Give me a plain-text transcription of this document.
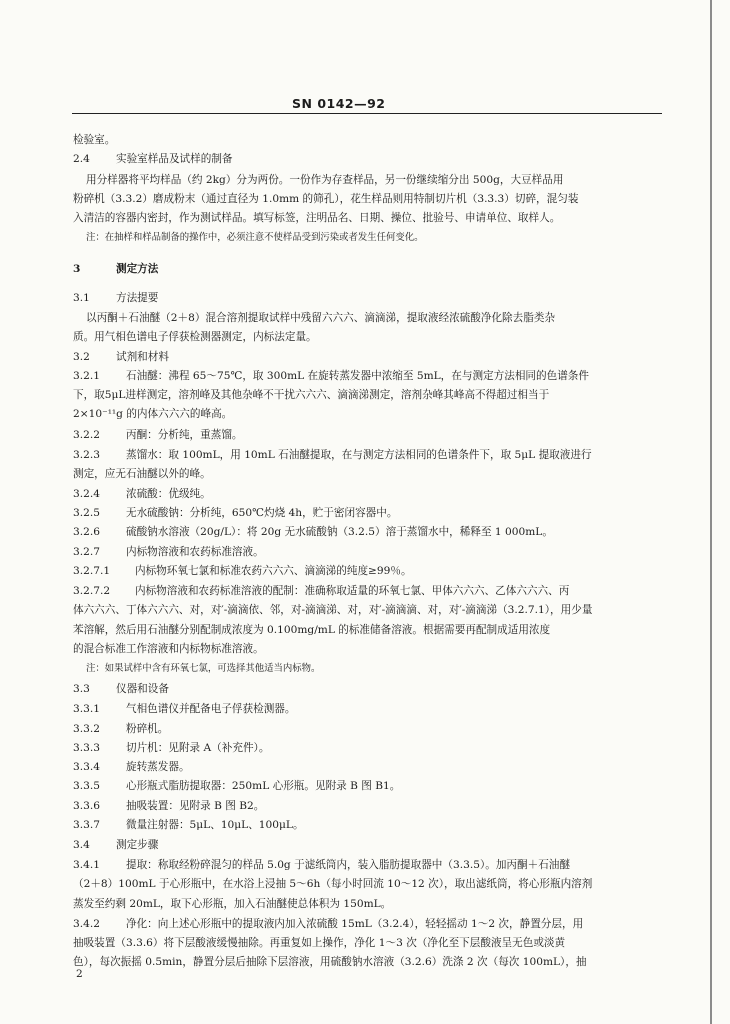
SN 0142—92
检验室。
2.4 实验室样品及试样的制备
用分样器将平均样品（约 2kg）分为两份。一份作为存查样品，另一份继续缩分出 500g，大豆样品用
粉碎机（3.3.2）磨成粉末（通过直径为 1.0mm 的筛孔），花生样品则用特制切片机（3.3.3）切碎，混匀装
入清洁的容器内密封，作为测试样品。填写标签，注明品名、日期、操位、批验号、申请单位、取样人。
注：在抽样和样品制备的操作中，必须注意不使样品受到污染或者发生任何变化。
3	测定方法
3.1 方法提要
以丙酮＋石油醚（2＋8）混合溶剂提取试样中残留六六六、滴滴涕，提取液经浓硫酸净化除去脂类杂
质。用气相色谱电子俘获检测器测定，内标法定量。
3.2 试剂和材料
3.2.1 石油醚：沸程 65～75℃，取 300mL 在旋转蒸发器中浓缩至 5mL，在与测定方法相同的色谱条件
下，取5μL进样测定，溶剂峰及其他杂峰不干扰六六六、滴滴涕测定，溶剂杂峰其峰高不得超过相当于
2×10⁻¹¹g 的内体六六六的峰高。
3.2.2 丙酮：分析纯，重蒸馏。
3.2.3 蒸馏水：取 100mL，用 10mL 石油醚提取，在与测定方法相同的色谱条件下，取 5μL 提取液进行
测定，应无石油醚以外的峰。
3.2.4 浓硫酸：优级纯。
3.2.5 无水硫酸钠：分析纯，650℃灼烧 4h，贮于密闭容器中。
3.2.6 硫酸钠水溶液（20g/L）：将 20g 无水硫酸钠（3.2.5）溶于蒸馏水中，稀释至 1 000mL。
3.2.7 内标物溶液和农药标准溶液。
3.2.7.1 内标物环氧七氯和标准农药六六六、滴滴涕的纯度≥99％。
3.2.7.2 内标物溶液和农药标准溶液的配制：准确称取适量的环氧七氯、甲体六六六、乙体六六六、丙
体六六六、丁体六六六、对，对′-滴滴依、邻，对-滴滴涕、对，对′-滴滴滴、对，对′-滴滴涕（3.2.7.1），用少量
苯溶解，然后用石油醚分别配制成浓度为 0.100mg/mL 的标准储备溶液。根据需要再配制成适用浓度
的混合标准工作溶液和内标物标准溶液。
注：如果试样中含有环氧七氯，可选择其他适当内标物。
3.3 仪器和设备
3.3.1 气相色谱仪并配备电子俘获检测器。
3.3.2 粉碎机。
3.3.3 切片机：见附录 A（补充件）。
3.3.4 旋转蒸发器。
3.3.5 心形瓶式脂肪提取器：250mL 心形瓶。见附录 B 图 B1。
3.3.6 抽吸装置：见附录 B 图 B2。
3.3.7 微量注射器：5μL、10μL、100μL。
3.4 测定步骤
3.4.1 提取：称取经粉碎混匀的样品 5.0g 于滤纸筒内，装入脂肪提取器中（3.3.5）。加丙酮＋石油醚
（2＋8）100mL 于心形瓶中，在水浴上浸抽 5～6h（每小时回流 10～12 次），取出滤纸筒，将心形瓶内溶剂
蒸发至约剩 20mL，取下心形瓶，加入石油醚使总体积为 150mL。
3.4.2 净化：向上述心形瓶中的提取液内加入浓硫酸 15mL（3.2.4），轻轻摇动 1～2 次，静置分层，用
抽吸装置（3.3.6）将下层酸液缓慢抽除。再重复如上操作，净化 1～3 次（净化至下层酸液呈无色或淡黄
色），每次振摇 0.5min，静置分层后抽除下层溶液，用硫酸钠水溶液（3.2.6）洗涤 2 次（每次 100mL），抽
2
